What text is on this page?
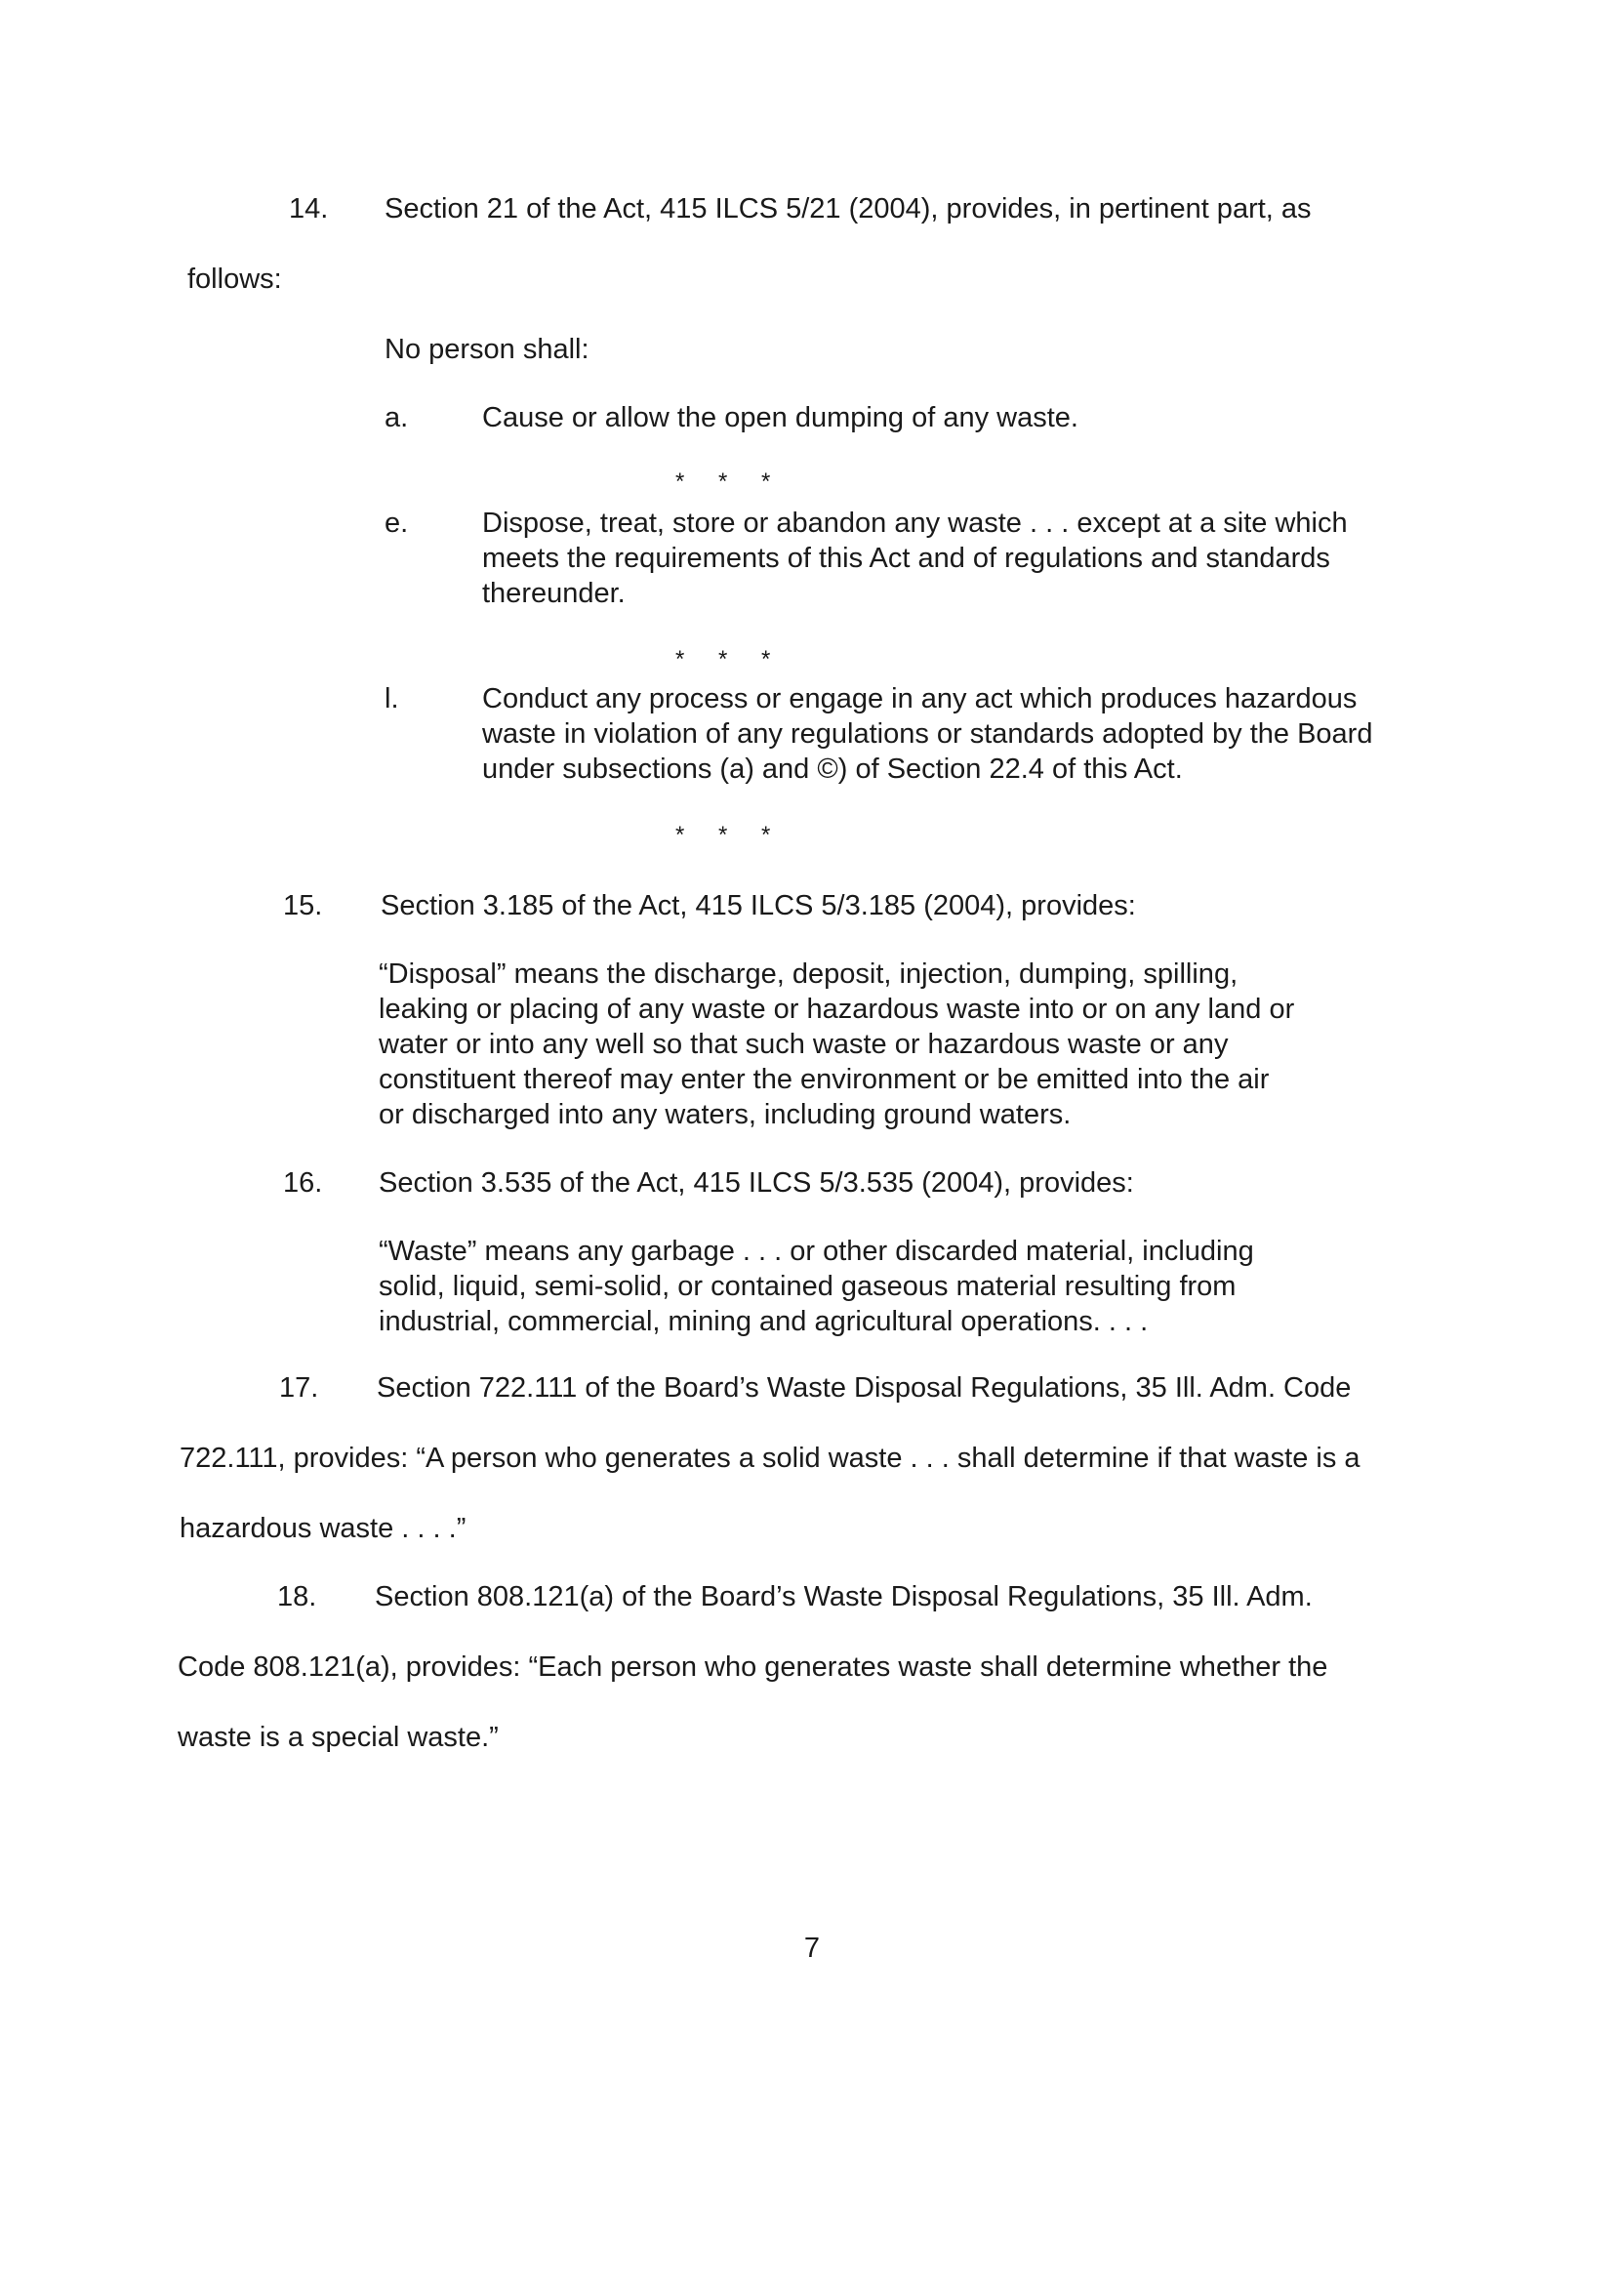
14. Section 21 of the Act, 415 ILCS 5/21 (2004), provides, in pertinent part, as
follows:
No person shall:
a.	Cause or allow the open dumping of any waste.
* * *
e.	Dispose, treat, store or abandon any waste . . . except at a site which
meets the requirements of this Act and of regulations and standards
thereunder.
* * *
l.	Conduct any process or engage in any act which produces hazardous
waste in violation of any regulations or standards adopted by the Board
under subsections (a) and ©) of Section 22.4 of this Act.
* * *
15. Section 3.185 of the Act, 415 ILCS 5/3.185 (2004), provides:
“Disposal” means the discharge, deposit, injection, dumping, spilling,
leaking or placing of any waste or hazardous waste into or on any land or
water or into any well so that such waste or hazardous waste or any
constituent thereof may enter the environment or be emitted into the air
or discharged into any waters, including ground waters.
16. Section 3.535 of the Act, 415 ILCS 5/3.535 (2004), provides:
“Waste” means any garbage . . . or other discarded material, including
solid, liquid, semi-solid, or contained gaseous material resulting from
industrial, commercial, mining and agricultural operations. . . .
17. Section 722.111 of the Board’s Waste Disposal Regulations, 35 Ill. Adm. Code
722.111, provides: “A person who generates a solid waste . . . shall determine if that waste is a
hazardous waste . . . .”
18. Section 808.121(a) of the Board’s Waste Disposal Regulations, 35 Ill. Adm.
Code 808.121(a), provides: “Each person who generates waste shall determine whether the
waste is a special waste.”
7
